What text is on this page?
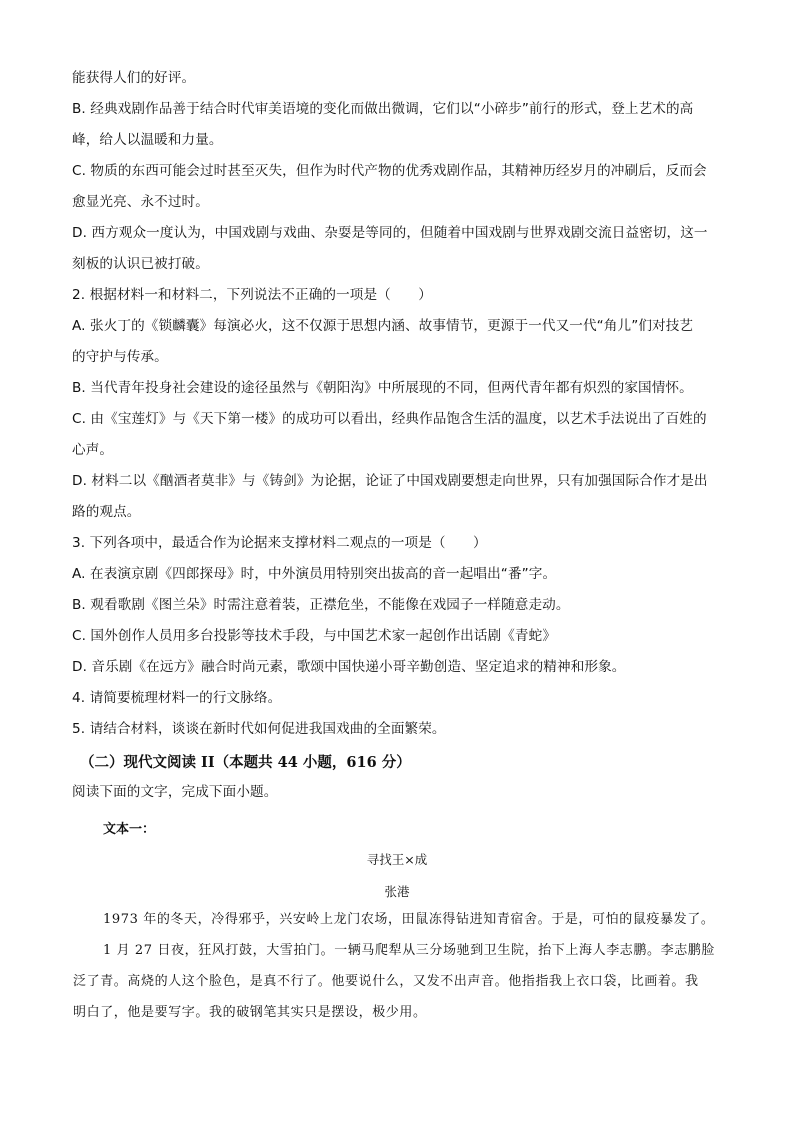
能获得人们的好评。
B. 经典戏剧作品善于结合时代审美语境的变化而做出微调，它们以“小碎步”前行的形式，登上艺术的高
峰，给人以温暖和力量。
C. 物质的东西可能会过时甚至灭失，但作为时代产物的优秀戏剧作品，其精神历经岁月的冲刷后，反而会
愈显光亮、永不过时。
D. 西方观众一度认为，中国戏剧与戏曲、杂耍是等同的，但随着中国戏剧与世界戏剧交流日益密切，这一
刻板的认识已被打破。
2. 根据材料一和材料二，下列说法不正确的一项是（　　）
A. 张火丁的《锁麟囊》每演必火，这不仅源于思想内涵、故事情节，更源于一代又一代“角儿”们对技艺
的守护与传承。
B. 当代青年投身社会建设的途径虽然与《朝阳沟》中所展现的不同，但两代青年都有炽烈的家国情怀。
C. 由《宝莲灯》与《天下第一楼》的成功可以看出，经典作品饱含生活的温度，以艺术手法说出了百姓的
心声。
D. 材料二以《酗酒者莫非》与《铸剑》为论据，论证了中国戏剧要想走向世界，只有加强国际合作才是出
路的观点。
3. 下列各项中，最适合作为论据来支撑材料二观点的一项是（　　）
A. 在表演京剧《四郎探母》时，中外演员用特别突出拔高的音一起唱出“番”字。
B. 观看歌剧《图兰朵》时需注意着装，正襟危坐，不能像在戏园子一样随意走动。
C. 国外创作人员用多台投影等技术手段，与中国艺术家一起创作出话剧《青蛇》
D. 音乐剧《在远方》融合时尚元素，歌颂中国快递小哥辛勤创造、坚定追求的精神和形象。
4. 请简要梳理材料一的行文脉络。
5. 请结合材料，谈谈在新时代如何促进我国戏曲的全面繁荣。
（二）现代文阅读 II（本题共 44 小题，616 分）
阅读下面的文字，完成下面小题。
文本一：
寻找王×成
张港
1973 年的冬天，冷得邪乎，兴安岭上龙门农场，田鼠冻得钻进知青宿舍。于是，可怕的鼠疫暴发了。
1 月 27 日夜，狂风打鼓，大雪拍门。一辆马爬犁从三分场驰到卫生院，抬下上海人李志鹏。李志鹏脸
泛了青。高烧的人这个脸色，是真不行了。他要说什么，又发不出声音。他指指我上衣口袋，比画着。我
明白了，他是要写字。我的破钢笔其实只是摆设，极少用。
